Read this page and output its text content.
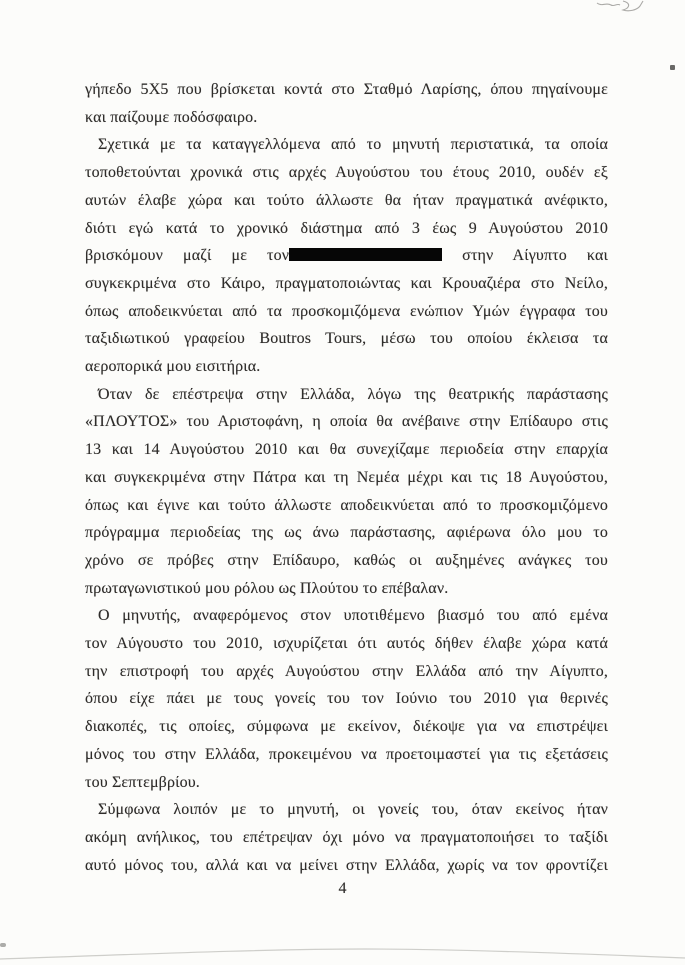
γήπεδο 5X5 που βρίσκεται κοντά στο Σταθμό Λαρίσης, όπου πηγαίνουμε
και παίζουμε ποδόσφαιρο.
Σχετικά με τα καταγγελλόμενα από το μηνυτή περιστατικά, τα οποία
τοποθετούνται χρονικά στις αρχές Αυγούστου του έτους 2010, ουδέν εξ
αυτών έλαβε χώρα και τούτο άλλωστε θα ήταν πραγματικά ανέφικτο,
διότι εγώ κατά το χρονικό διάστημα από 3 έως 9 Αυγούστου 2010
βρισκόμουν μαζί με τον	στην Αίγυπτο και
συγκεκριμένα στο Κάιρο, πραγματοποιώντας και Κρουαζιέρα στο Νείλο,
όπως αποδεικνύεται από τα προσκομιζόμενα ενώπιον Υμών έγγραφα του
ταξιδιωτικού γραφείου Boutros Tours, μέσω του οποίου έκλεισα τα
αεροπορικά μου εισιτήρια.
Όταν δε επέστρεψα στην Ελλάδα, λόγω της θεατρικής παράστασης
«ΠΛΟΥΤΟΣ» του Αριστοφάνη, η οποία θα ανέβαινε στην Επίδαυρο στις
13 και 14 Αυγούστου 2010 και θα συνεχίζαμε περιοδεία στην επαρχία
και συγκεκριμένα στην Πάτρα και τη Νεμέα μέχρι και τις 18 Αυγούστου,
όπως και έγινε και τούτο άλλωστε αποδεικνύεται από το προσκομιζόμενο
πρόγραμμα περιοδείας της ως άνω παράστασης, αφιέρωνα όλο μου το
χρόνο σε πρόβες στην Επίδαυρο, καθώς οι αυξημένες ανάγκες του
πρωταγωνιστικού μου ρόλου ως Πλούτου το επέβαλαν.
Ο μηνυτής, αναφερόμενος στον υποτιθέμενο βιασμό του από εμένα
τον Αύγουστο του 2010, ισχυρίζεται ότι αυτός δήθεν έλαβε χώρα κατά
την επιστροφή του αρχές Αυγούστου στην Ελλάδα από την Αίγυπτο,
όπου είχε πάει με τους γονείς του τον Ιούνιο του 2010 για θερινές
διακοπές, τις οποίες, σύμφωνα με εκείνον, διέκοψε για να επιστρέψει
μόνος του στην Ελλάδα, προκειμένου να προετοιμαστεί για τις εξετάσεις
του Σεπτεμβρίου.
Σύμφωνα λοιπόν με το μηνυτή, οι γονείς του, όταν εκείνος ήταν
ακόμη ανήλικος, του επέτρεψαν όχι μόνο να πραγματοποιήσει το ταξίδι
αυτό μόνος του, αλλά και να μείνει στην Ελλάδα, χωρίς να τον φροντίζει
4
